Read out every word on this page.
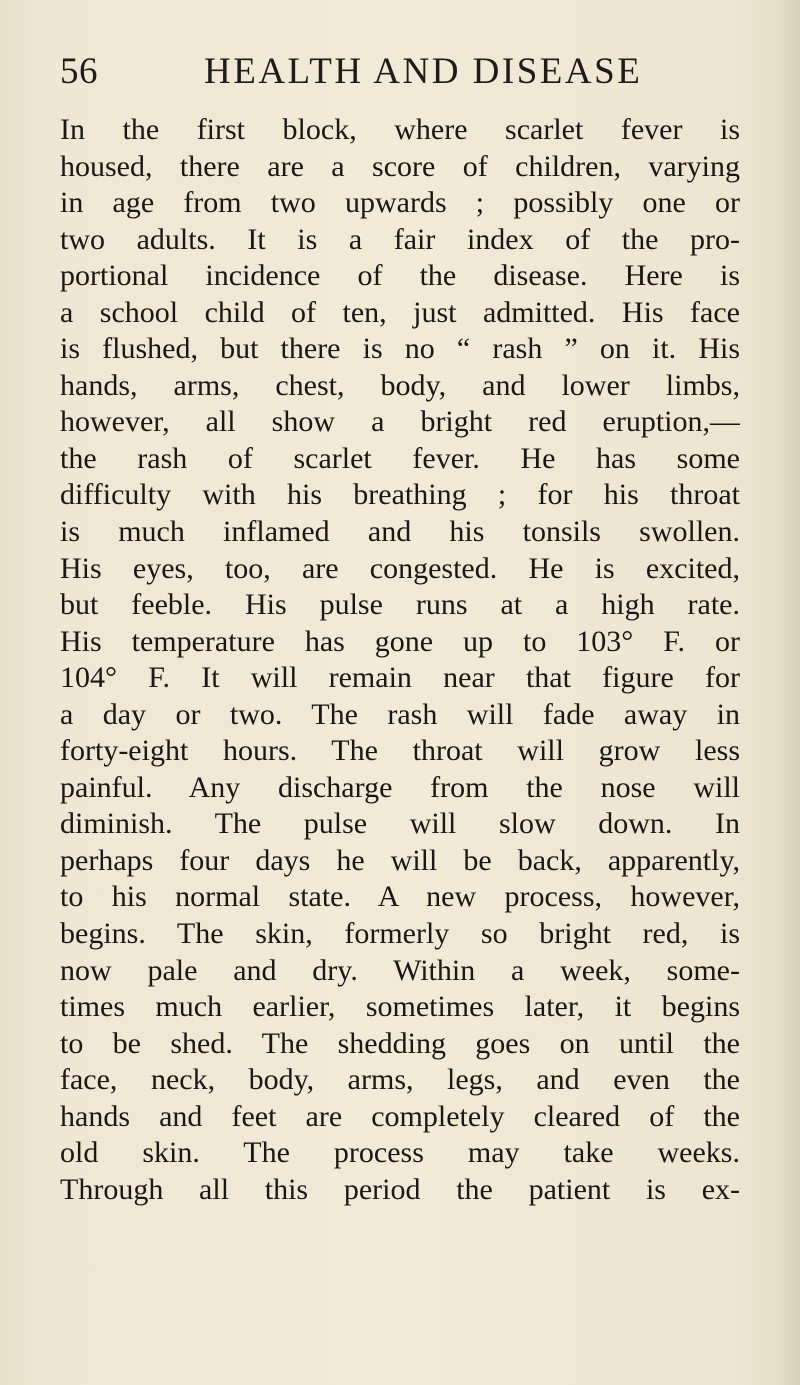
56	HEALTH AND DISEASE
In the first block, where scarlet fever is
housed, there are a score of children, varying
in age from two upwards ; possibly one or
two adults. It is a fair index of the pro-
portional incidence of the disease. Here is
a school child of ten, just admitted. His face
is flushed, but there is no “ rash ” on it. His
hands, arms, chest, body, and lower limbs,
however, all show a bright red eruption,—
the rash of scarlet fever. He has some
difficulty with his breathing ; for his throat
is much inflamed and his tonsils swollen.
His eyes, too, are congested. He is excited,
but feeble. His pulse runs at a high rate.
His temperature has gone up to 103° F. or
104° F. It will remain near that figure for
a day or two. The rash will fade away in
forty-eight hours. The throat will grow less
painful. Any discharge from the nose will
diminish. The pulse will slow down. In
perhaps four days he will be back, apparently,
to his normal state. A new process, however,
begins. The skin, formerly so bright red, is
now pale and dry. Within a week, some-
times much earlier, sometimes later, it begins
to be shed. The shedding goes on until the
face, neck, body, arms, legs, and even the
hands and feet are completely cleared of the
old skin. The process may take weeks.
Through all this period the patient is ex-
